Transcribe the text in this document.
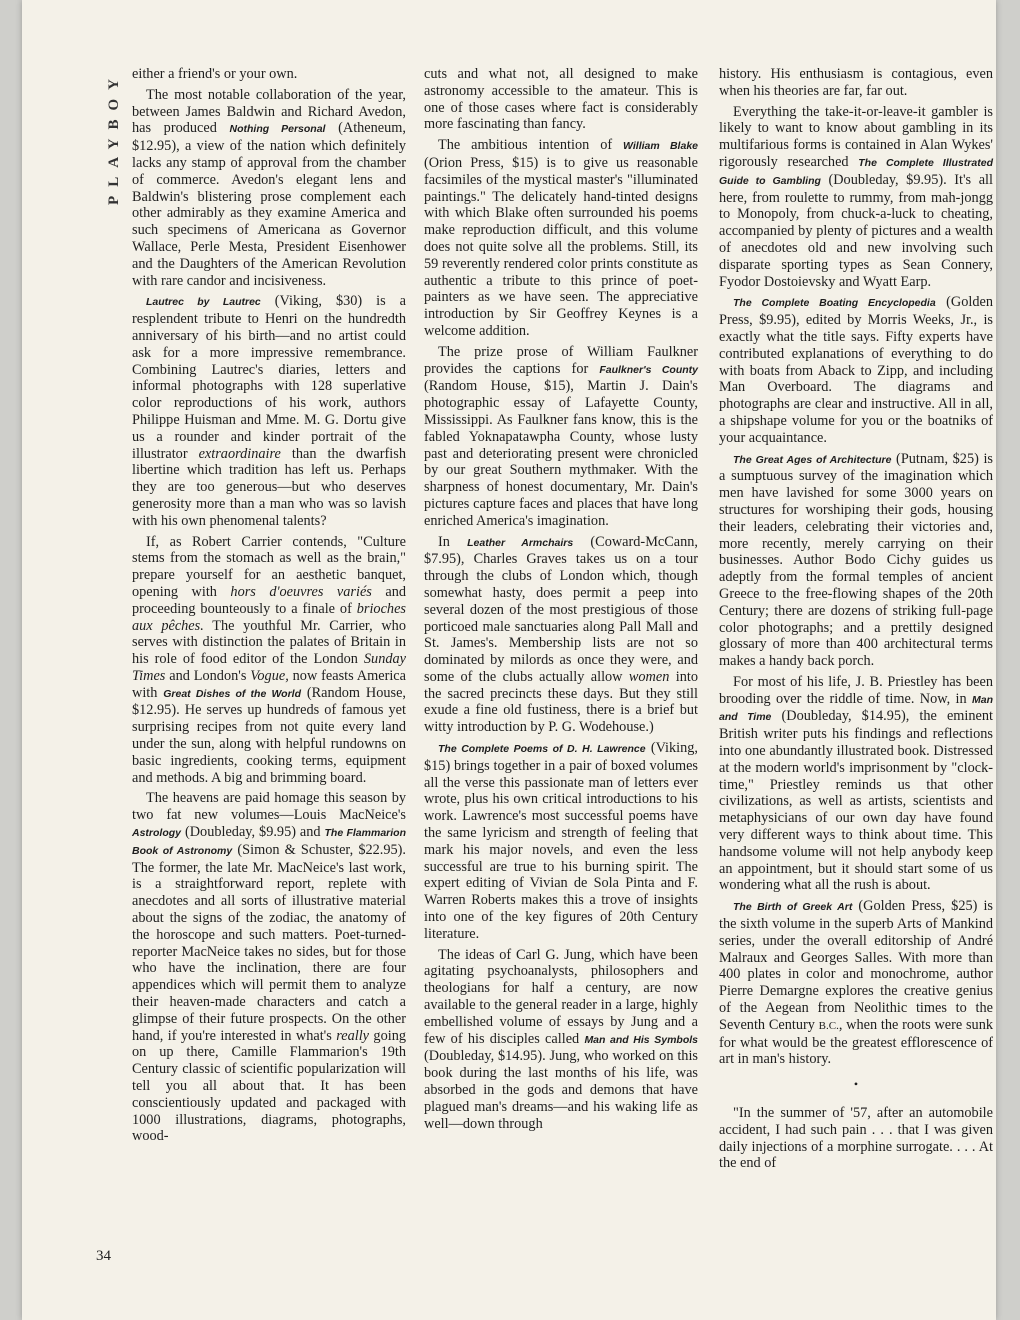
PLAYBOY
34

either a friend's or your own.

The most notable collaboration of the year, between James Baldwin and Richard Avedon, has produced Nothing Personal (Atheneum, $12.95), a view of the nation which definitely lacks any stamp of approval from the chamber of commerce. Avedon's elegant lens and Baldwin's blistering prose complement each other admirably as they examine America and such specimens of Americana as Governor Wallace, Perle Mesta, President Eisenhower and the Daughters of the American Revolution with rare candor and incisiveness.

Lautrec by Lautrec (Viking, $30) is a resplendent tribute to Henri on the hundredth anniversary of his birth—and no artist could ask for a more impressive remembrance. Combining Lautrec's diaries, letters and informal photographs with 128 superlative color reproductions of his work, authors Philippe Huisman and Mme. M. G. Dortu give us a rounder and kinder portrait of the illustrator extraordinaire than the dwarfish libertine which tradition has left us. Perhaps they are too generous—but who deserves generosity more than a man who was so lavish with his own phenomenal talents?

If, as Robert Carrier contends, "Culture stems from the stomach as well as the brain," prepare yourself for an aesthetic banquet, opening with hors d'oeuvres variés and proceeding bounteously to a finale of brioches aux pêches. The youthful Mr. Carrier, who serves with distinction the palates of Britain in his role of food editor of the London Sunday Times and London's Vogue, now feasts America with Great Dishes of the World (Random House, $12.95). He serves up hundreds of famous yet surprising recipes from not quite every land under the sun, along with helpful rundowns on basic ingredients, cooking terms, equipment and methods. A big and brimming board.

The heavens are paid homage this season by two fat new volumes—Louis MacNeice's Astrology (Doubleday, $9.95) and The Flammarion Book of Astronomy (Simon & Schuster, $22.95). The former, the late Mr. MacNeice's last work, is a straightforward report, replete with anecdotes and all sorts of illustrative material about the signs of the zodiac, the anatomy of the horoscope and such matters. Poet-turned-reporter MacNeice takes no sides, but for those who have the inclination, there are four appendices which will permit them to analyze their heaven-made characters and catch a glimpse of their future prospects. On the other hand, if you're interested in what's really going on up there, Camille Flammarion's 19th Century classic of scientific popularization will tell you all about that. It has been conscientiously updated and packaged with 1000 illustrations, diagrams, photographs, wood-

cuts and what not, all designed to make astronomy accessible to the amateur. This is one of those cases where fact is considerably more fascinating than fancy.

The ambitious intention of William Blake (Orion Press, $15) is to give us reasonable facsimiles of the mystical master's "illuminated paintings." The delicately hand-tinted designs with which Blake often surrounded his poems make reproduction difficult, and this volume does not quite solve all the problems. Still, its 59 reverently rendered color prints constitute as authentic a tribute to this prince of poet-painters as we have seen. The appreciative introduction by Sir Geoffrey Keynes is a welcome addition.

The prize prose of William Faulkner provides the captions for Faulkner's County (Random House, $15), Martin J. Dain's photographic essay of Lafayette County, Mississippi. As Faulkner fans know, this is the fabled Yoknapatawpha County, whose lusty past and deteriorating present were chronicled by our great Southern mythmaker. With the sharpness of honest documentary, Mr. Dain's pictures capture faces and places that have long enriched America's imagination.

In Leather Armchairs (Coward-McCann, $7.95), Charles Graves takes us on a tour through the clubs of London which, though somewhat hasty, does permit a peep into several dozen of the most prestigious of those porticoed male sanctuaries along Pall Mall and St. James's. Membership lists are not so dominated by milords as once they were, and some of the clubs actually allow women into the sacred precincts these days. But they still exude a fine old fustiness, there is a brief but witty introduction by P. G. Wodehouse.)

The Complete Poems of D. H. Lawrence (Viking, $15) brings together in a pair of boxed volumes all the verse this passionate man of letters ever wrote, plus his own critical introductions to his work. Lawrence's most successful poems have the same lyricism and strength of feeling that mark his major novels, and even the less successful are true to his burning spirit. The expert editing of Vivian de Sola Pinta and F. Warren Roberts makes this a trove of insights into one of the key figures of 20th Century literature.

The ideas of Carl G. Jung, which have been agitating psychoanalysts, philosophers and theologians for half a century, are now available to the general reader in a large, highly embellished volume of essays by Jung and a few of his disciples called Man and His Symbols (Doubleday, $14.95). Jung, who worked on this book during the last months of his life, was absorbed in the gods and demons that have plagued man's dreams—and his waking life as well—down through

history. His enthusiasm is contagious, even when his theories are far, far out.

Everything the take-it-or-leave-it gambler is likely to want to know about gambling in its multifarious forms is contained in Alan Wykes' rigorously researched The Complete Illustrated Guide to Gambling (Doubleday, $9.95). It's all here, from roulette to rummy, from mah-jongg to Monopoly, from chuck-a-luck to cheating, accompanied by plenty of pictures and a wealth of anecdotes old and new involving such disparate sporting types as Sean Connery, Fyodor Dostoievsky and Wyatt Earp.

The Complete Boating Encyclopedia (Golden Press, $9.95), edited by Morris Weeks, Jr., is exactly what the title says. Fifty experts have contributed explanations of everything to do with boats from Aback to Zipp, and including Man Overboard. The diagrams and photographs are clear and instructive. All in all, a shipshape volume for you or the boatniks of your acquaintance.

The Great Ages of Architecture (Putnam, $25) is a sumptuous survey of the imagination which men have lavished for some 3000 years on structures for worshiping their gods, housing their leaders, celebrating their victories and, more recently, merely carrying on their businesses. Author Bodo Cichy guides us adeptly from the formal temples of ancient Greece to the free-flowing shapes of the 20th Century; there are dozens of striking full-page color photographs; and a prettily designed glossary of more than 400 architectural terms makes a handy back porch.

For most of his life, J. B. Priestley has been brooding over the riddle of time. Now, in Man and Time (Doubleday, $14.95), the eminent British writer puts his findings and reflections into one abundantly illustrated book. Distressed at the modern world's imprisonment by "clock-time," Priestley reminds us that other civilizations, as well as artists, scientists and metaphysicians of our own day have found very different ways to think about time. This handsome volume will not help anybody keep an appointment, but it should start some of us wondering what all the rush is about.

The Birth of Greek Art (Golden Press, $25) is the sixth volume in the superb Arts of Mankind series, under the overall editorship of André Malraux and Georges Salles. With more than 400 plates in color and monochrome, author Pierre Demargne explores the creative genius of the Aegean from Neolithic times to the Seventh Century B.C., when the roots were sunk for what would be the greatest efflorescence of art in man's history.

•

"In the summer of '57, after an automobile accident, I had such pain . . . that I was given daily injections of a morphine surrogate. . . . At the end of
